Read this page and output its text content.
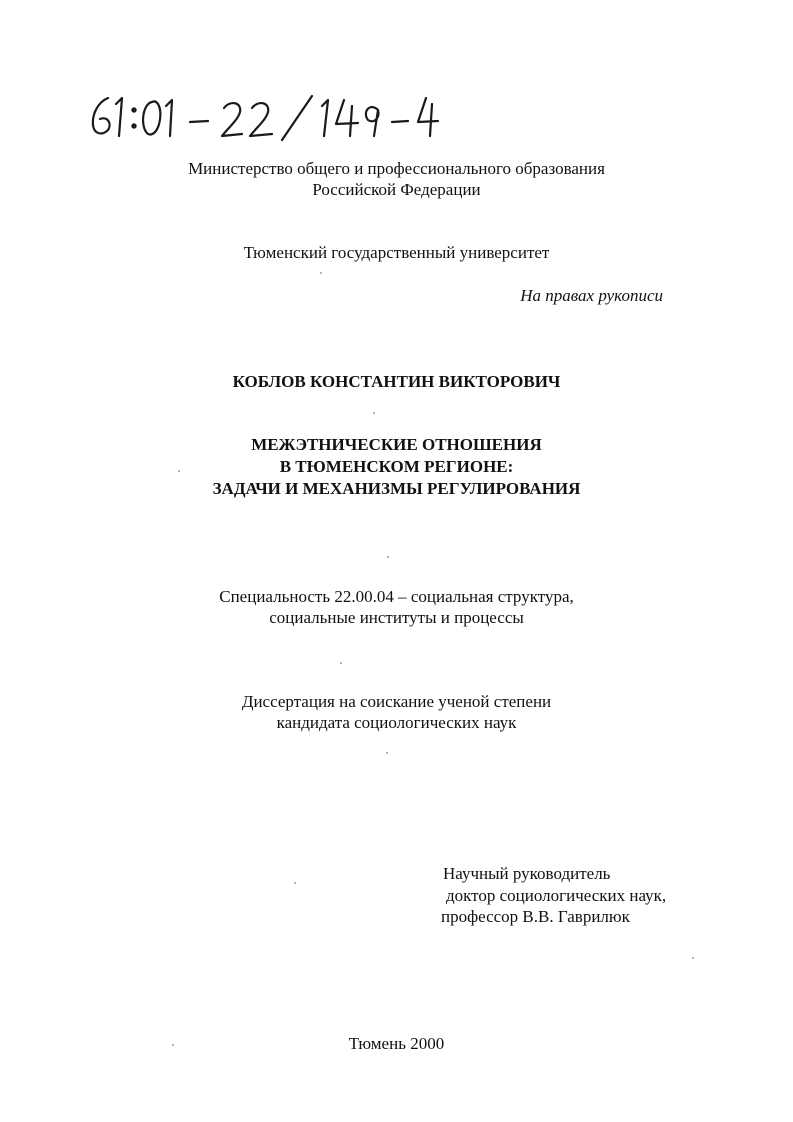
Министерство общего и профессионального образования
Российской Федерации
Тюменский государственный университет
На правах рукописи
КОБЛОВ КОНСТАНТИН ВИКТОРОВИЧ
МЕЖЭТНИЧЕСКИЕ ОТНОШЕНИЯ
В ТЮМЕНСКОМ РЕГИОНЕ:
ЗАДАЧИ И МЕХАНИЗМЫ РЕГУЛИРОВАНИЯ
Специальность 22.00.04 – социальная структура,
социальные институты и процессы
Диссертация на соискание ученой степени
кандидата социологических наук
Научный руководитель
доктор социологических наук,
профессор В.В. Гаврилюк
Тюмень 2000
